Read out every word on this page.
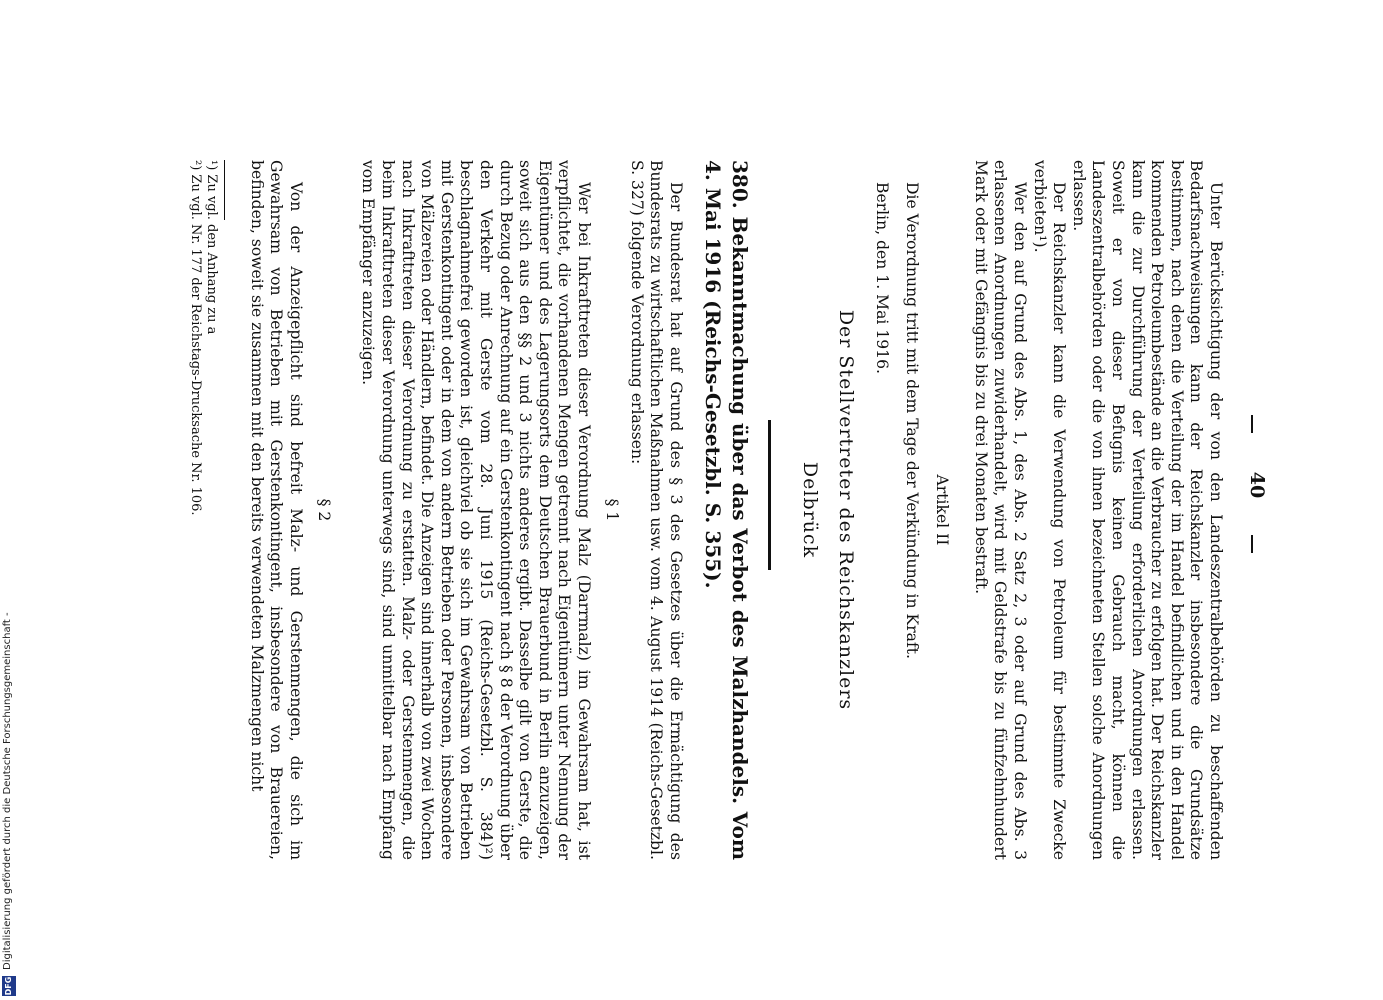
40

Unter Berücksichtigung der von den Landeszentralbehörden zu beschaffenden Bedarfsnachweisungen kann der Reichskanzler insbesondere die Grundsätze bestimmen, nach denen die Verteilung der im Handel befindlichen und in den Handel kommenden Petroleumbestände an die Verbraucher zu erfolgen hat. Der Reichskanzler kann die zur Durchführung der Verteilung erforderlichen Anordnungen erlassen. Soweit er von dieser Befugnis keinen Gebrauch macht, können die Landeszentralbehörden oder die von ihnen bezeichneten Stellen solche Anordnungen erlassen.

Der Reichskanzler kann die Verwendung von Petroleum für bestimmte Zwecke verbieten¹).

Wer den auf Grund des Abs. 1, des Abs. 2 Satz 2, 3 oder auf Grund des Abs. 3 erlassenen Anordnungen zuwiderhandelt, wird mit Geldstrafe bis zu fünfzehnhundert Mark oder mit Gefängnis bis zu drei Monaten bestraft.

Artikel II

Die Verordnung tritt mit dem Tage der Verkündung in Kraft.

Berlin, den 1. Mai 1916.

Der Stellvertreter des Reichskanzlers
Delbrück
380. Bekanntmachung über das Verbot des Malzhandels. Vom 4. Mai 1916 (Reichs-Gesetzbl. S. 355).

Der Bundesrat hat auf Grund des § 3 des Gesetzes über die Ermächtigung des Bundesrats zu wirtschaftlichen Maßnahmen usw. vom 4. August 1914 (Reichs-Gesetzbl. S. 327) folgende Verordnung erlassen:

§ 1

Wer bei Inkrafttreten dieser Verordnung Malz (Darrmalz) im Gewahrsam hat, ist verpflichtet, die vorhandenen Mengen getrennt nach Eigentümern unter Nennung der Eigentümer und des Lagerungsorts dem Deutschen Brauerbund in Berlin anzuzeigen, soweit sich aus den §§ 2 und 3 nichts anderes ergibt. Dasselbe gilt von Gerste, die durch Bezug oder Anrechnung auf ein Gerstenkontingent nach § 8 der Verordnung über den Verkehr mit Gerste vom 28. Juni 1915 (Reichs-Gesetzbl. S. 384)²) beschlagnahmefrei geworden ist, gleichviel ob sie sich im Gewahrsam von Betrieben mit Gerstenkontingent oder in dem von andern Betrieben oder Personen, insbesondere von Mälzereien oder Händlern, befindet. Die Anzeigen sind innerhalb von zwei Wochen nach Inkrafttreten dieser Verordnung zu erstatten. Malz- oder Gerstenmengen, die beim Inkrafttreten dieser Verordnung unterwegs sind, sind unmittelbar nach Empfang vom Empfänger anzuzeigen.

§ 2

Von der Anzeigepflicht sind befreit Malz- und Gerstenmengen, die sich im Gewahrsam von Betrieben mit Gerstenkontingent, insbesondere von Brauereien, befinden, soweit sie zusammen mit den bereits verwendeten Malzmengen nicht

¹) Zu vgl. den Anhang zu a
²) Zu vgl. Nr. 177 der Reichstags-Drucksache Nr. 106.
DFG
Digitalisierung gefördert durch die Deutsche Forschungsgemeinschaft -
